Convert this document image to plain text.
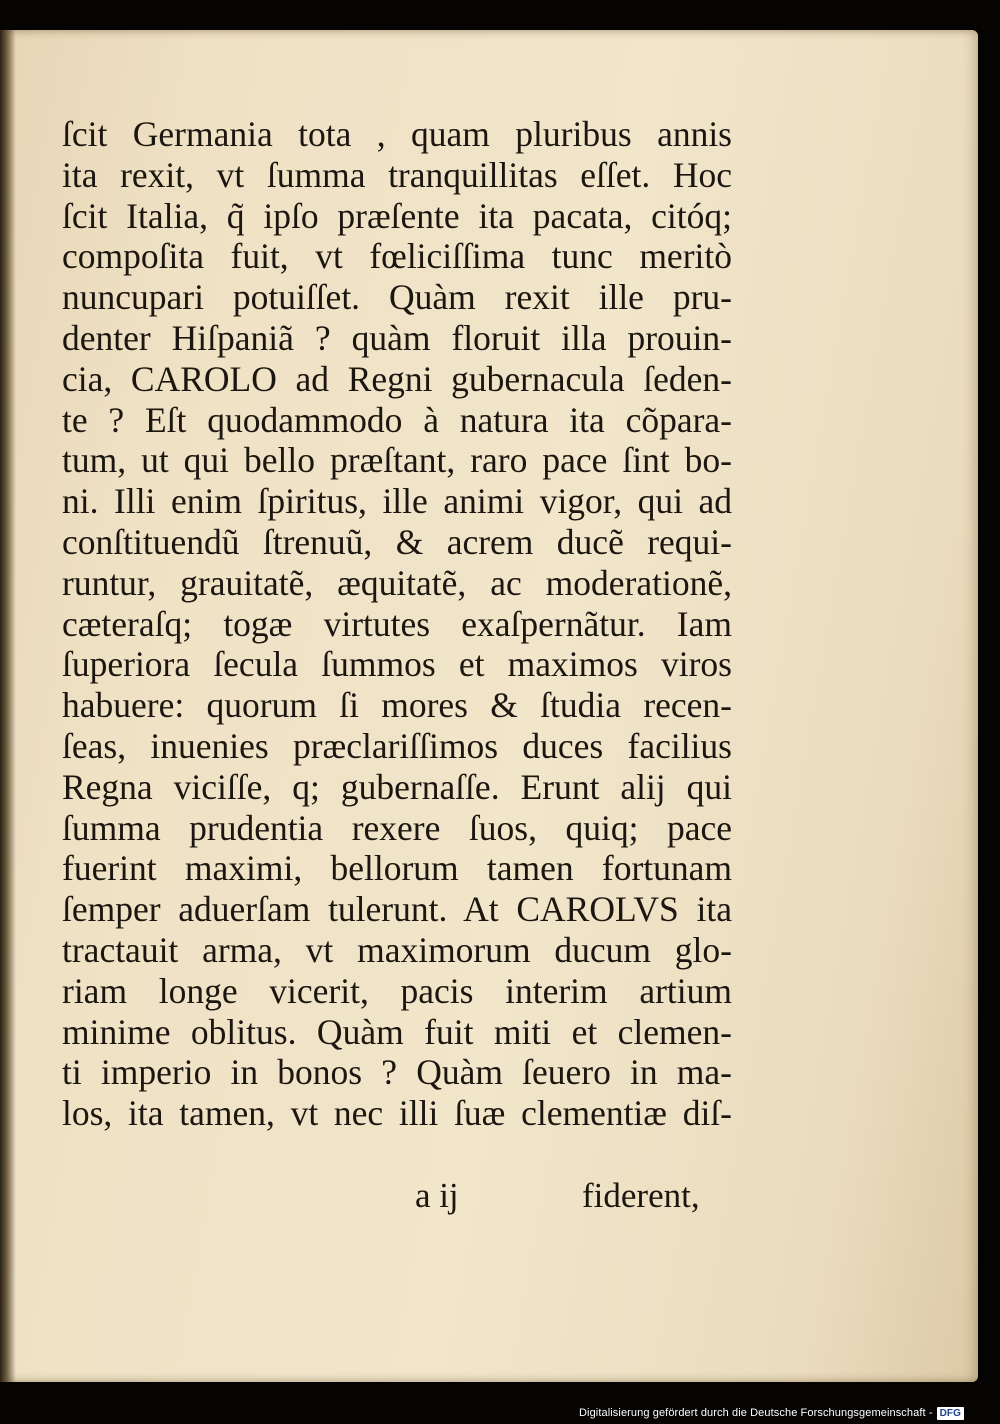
ſcit Germania tota , quam pluribus annis
ita rexit, vt ſumma tranquillitas eſſet. Hoc
ſcit Italia, q̃ ipſo præſente ita pacata, citóq;
compoſita fuit, vt fœliciſſima tunc meritò
nuncupari potuiſſet. Quàm rexit ille pru-
denter Hiſpaniã ? quàm floruit illa prouin-
cia, CAROLO ad Regni gubernacula ſeden-
te ? Eſt quodammodo à natura ita cõpara-
tum, ut qui bello præſtant, raro pace ſint bo-
ni. Illi enim ſpiritus, ille animi vigor, qui ad
conſtituendũ ſtrenuũ, & acrem ducẽ requi-
runtur, grauitatẽ, æquitatẽ, ac moderationẽ,
cæteraſq; togæ virtutes exaſpernãtur. Iam
ſuperiora ſecula ſummos et maximos viros
habuere: quorum ſi mores & ſtudia recen-
ſeas, inuenies præclariſſimos duces facilius
Regna viciſſe, q; gubernaſſe. Erunt alĳ qui
ſumma prudentia rexere ſuos, quiq; pace
fuerint maximi, bellorum tamen fortunam
ſemper aduerſam tulerunt. At CAROLVS ita
tractauit arma, vt maximorum ducum glo-
riam longe vicerit, pacis interim artium
minime oblitus. Quàm fuit miti et clemen-
ti imperio in bonos ? Quàm ſeuero in ma-
los, ita tamen, vt nec illi ſuæ clementiæ diſ-
a ĳ	fiderent,
Digitalisierung gefördert durch die Deutsche Forschungsgemeinschaft - DFG
